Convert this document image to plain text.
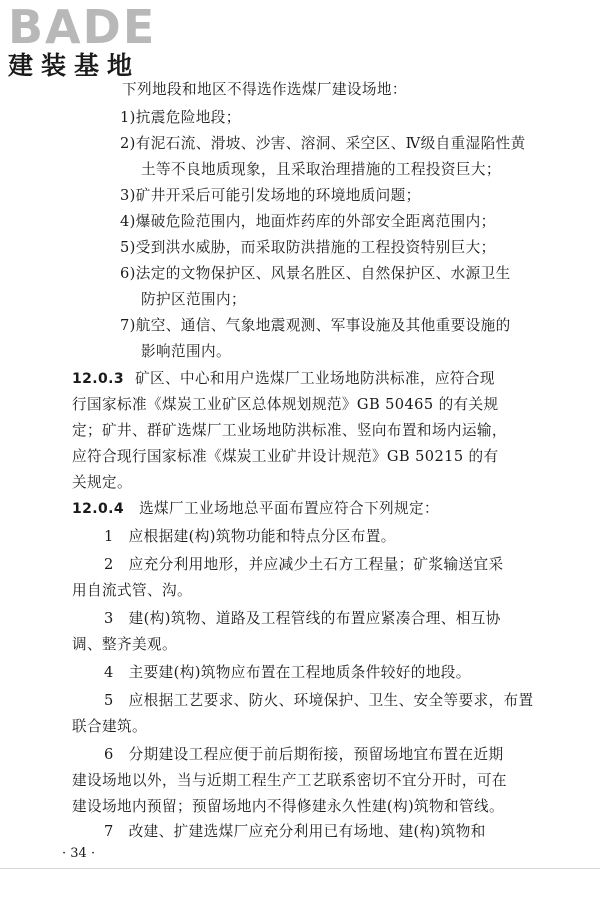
BADE
建装基地
下列地段和地区不得选作选煤厂建设场地：
1)抗震危险地段；
2)有泥石流、滑坡、沙害、溶洞、采空区、Ⅳ级自重湿陷性黄
土等不良地质现象，且采取治理措施的工程投资巨大；
3)矿井开采后可能引发场地的环境地质问题；
4)爆破危险范围内，地面炸药库的外部安全距离范围内；
5)受到洪水威胁，而采取防洪措施的工程投资特别巨大；
6)法定的文物保护区、风景名胜区、自然保护区、水源卫生
防护区范围内；
7)航空、通信、气象地震观测、军事设施及其他重要设施的
影响范围内。
12.0.3 矿区、中心和用户选煤厂工业场地防洪标准，应符合现
行国家标准《煤炭工业矿区总体规划规范》GB 50465 的有关规
定；矿井、群矿选煤厂工业场地防洪标准、竖向布置和场内运输，
应符合现行国家标准《煤炭工业矿井设计规范》GB 50215 的有
关规定。
12.0.4 选煤厂工业场地总平面布置应符合下列规定：
1　应根据建(构)筑物功能和特点分区布置。
2　应充分利用地形，并应减少土石方工程量；矿浆输送宜采
用自流式管、沟。
3　建(构)筑物、道路及工程管线的布置应紧凑合理、相互协
调、整齐美观。
4　主要建(构)筑物应布置在工程地质条件较好的地段。
5　应根据工艺要求、防火、环境保护、卫生、安全等要求，布置
联合建筑。
6　分期建设工程应便于前后期衔接，预留场地宜布置在近期
建设场地以外，当与近期工程生产工艺联系密切不宜分开时，可在
建设场地内预留；预留场地内不得修建永久性建(构)筑物和管线。
7　改建、扩建选煤厂应充分利用已有场地、建(构)筑物和
· 34 ·
